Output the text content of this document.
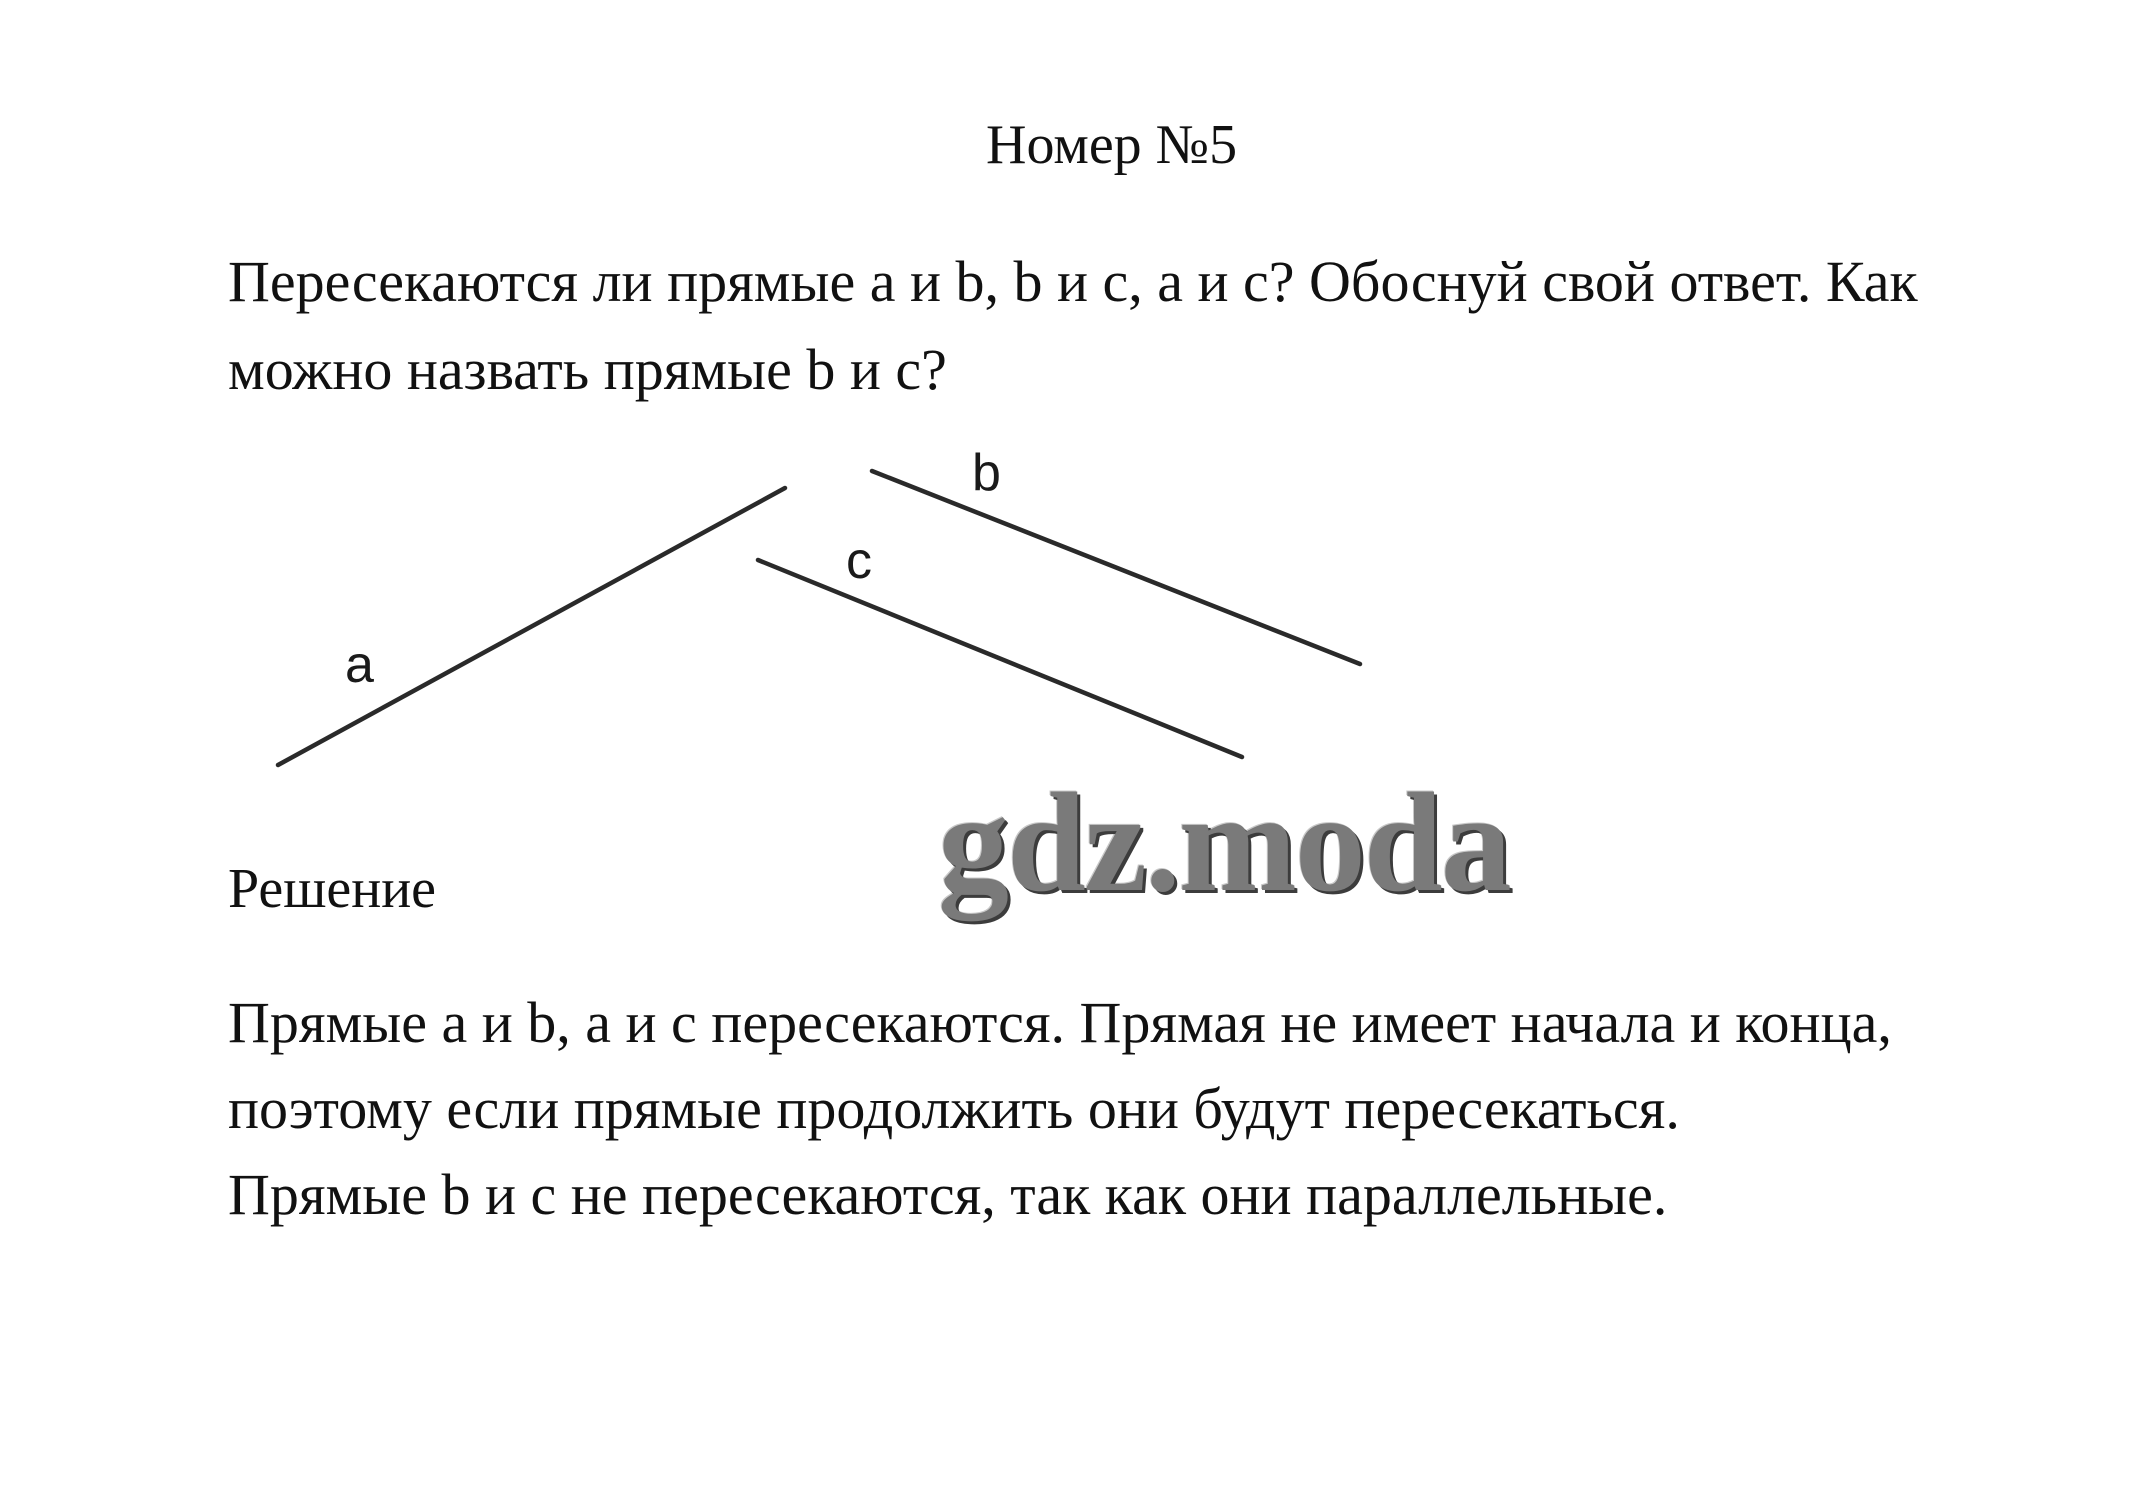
Номер №5
Пересекаются ли прямые a и b, b и c, a и c? Обоснуй свой ответ. Как можно назвать прямые b и c?
a
b
c
gdz.moda
Решение

Прямые a и b, a и c пересекаются. Прямая не имеет начала и конца,

поэтому если прямые продолжить они будут пересекаться.

Прямые b и c не пересекаются, так как они параллельные.
